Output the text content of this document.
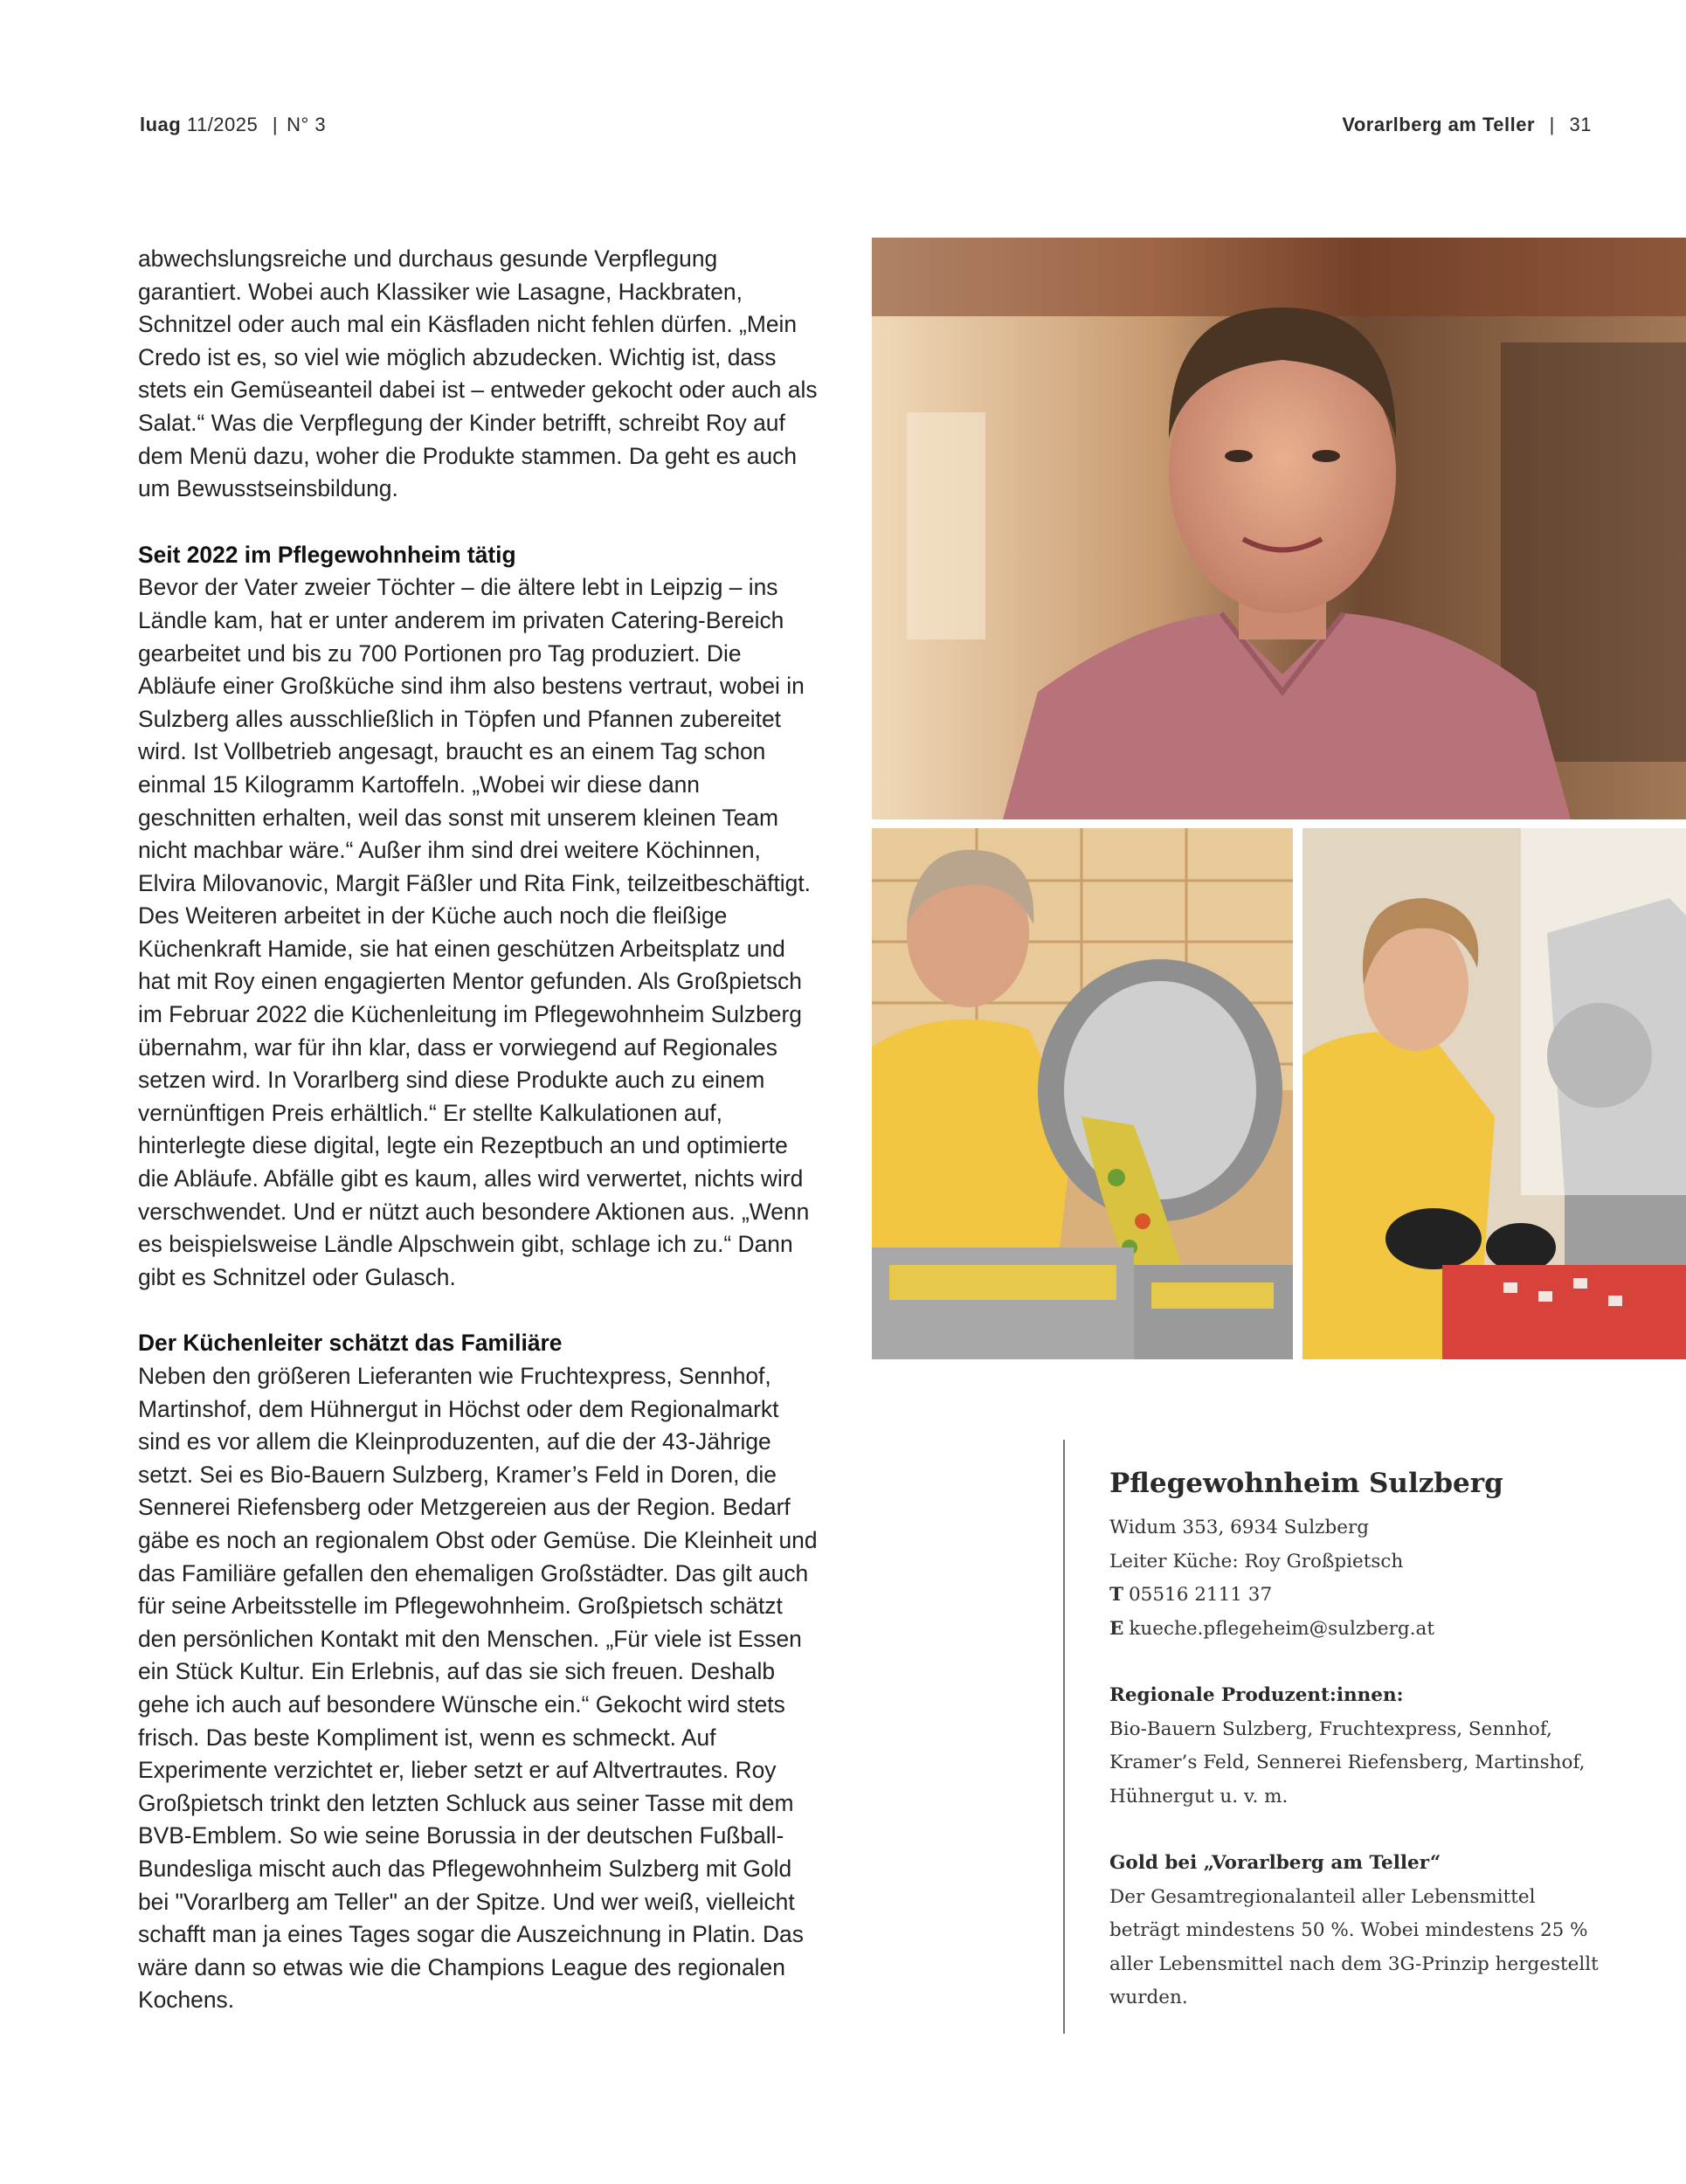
luag 11/2025 | N° 3	Vorarlberg am Teller | 31

abwechslungsreiche und durchaus gesunde Verpflegung garantiert. Wobei auch Klassiker wie Lasagne, Hackbraten, Schnitzel oder auch mal ein Käsfladen nicht fehlen dürfen. „Mein Credo ist es, so viel wie möglich abzudecken. Wichtig ist, dass stets ein Gemüseanteil dabei ist – entweder gekocht oder auch als Salat.“ Was die Verpflegung der Kinder betrifft, schreibt Roy auf dem Menü dazu, woher die Produkte stammen. Da geht es auch um Bewusstseinsbildung.

Seit 2022 im Pflegewohnheim tätig

Bevor der Vater zweier Töchter – die ältere lebt in Leipzig – ins Ländle kam, hat er unter anderem im privaten Catering-Bereich gearbeitet und bis zu 700 Portionen pro Tag produziert. Die Abläufe einer Großküche sind ihm also bestens vertraut, wobei in Sulzberg alles ausschließlich in Töpfen und Pfannen zubereitet wird. Ist Vollbetrieb angesagt, braucht es an einem Tag schon einmal 15 Kilogramm Kartoffeln. „Wobei wir diese dann geschnitten erhalten, weil das sonst mit unserem kleinen Team nicht machbar wäre.“ Außer ihm sind drei weitere Köchinnen, Elvira Milovanovic, Margit Fäßler und Rita Fink, teilzeitbeschäftigt. Des Weiteren arbeitet in der Küche auch noch die fleißige Küchenkraft Hamide, sie hat einen geschützen Arbeitsplatz und hat mit Roy einen engagierten Mentor gefunden. Als Großpietsch im Februar 2022 die Küchenleitung im Pflegewohnheim Sulzberg übernahm, war für ihn klar, dass er vorwiegend auf Regionales setzen wird. In Vorarlberg sind diese Produkte auch zu einem vernünftigen Preis erhältlich.“ Er stellte Kalkulationen auf, hinterlegte diese digital, legte ein Rezeptbuch an und optimierte die Abläufe. Abfälle gibt es kaum, alles wird verwertet, nichts wird verschwendet. Und er nützt auch besondere Aktionen aus. „Wenn es beispielsweise Ländle Alpschwein gibt, schlage ich zu.“ Dann gibt es Schnitzel oder Gulasch.

Der Küchenleiter schätzt das Familiäre

Neben den größeren Lieferanten wie Fruchtexpress, Sennhof, Martinshof, dem Hühnergut in Höchst oder dem Regionalmarkt sind es vor allem die Kleinproduzenten, auf die der 43-Jährige setzt. Sei es Bio-Bauern Sulzberg, Kramer’s Feld in Doren, die Sennerei Riefensberg oder Metzgereien aus der Region. Bedarf gäbe es noch an regionalem Obst oder Gemüse. Die Kleinheit und das Familiäre gefallen den ehemaligen Großstädter. Das gilt auch für seine Arbeitsstelle im Pflegewohnheim. Großpietsch schätzt den persönlichen Kontakt mit den Menschen. „Für viele ist Essen ein Stück Kultur. Ein Erlebnis, auf das sie sich freuen. Deshalb gehe ich auch auf besondere Wünsche ein.“ Gekocht wird stets frisch. Das beste Kompliment ist, wenn es schmeckt. Auf Experimente verzichtet er, lieber setzt er auf Altvertrautes. Roy Großpietsch trinkt den letzten Schluck aus seiner Tasse mit dem BVB-Emblem. So wie seine Borussia in der deutschen Fußball-Bundesliga mischt auch das Pflegewohnheim Sulzberg mit Gold bei "Vorarlberg am Teller" an der Spitze. Und wer weiß, vielleicht schafft man ja eines Tages sogar die Auszeichnung in Platin. Das wäre dann so etwas wie die Champions League des regionalen Kochens.

Pflegewohnheim Sulzberg

Widum 353, 6934 Sulzberg

Leiter Küche: Roy Großpietsch

T 05516 2111 37

E kueche.pflegeheim@sulzberg.at

Regionale Produzent:innen:

Bio-Bauern Sulzberg, Fruchtexpress, Sennhof, Kramer’s Feld, Sennerei Riefensberg, Martinshof, Hühnergut u. v. m.

Gold bei „Vorarlberg am Teller“

Der Gesamtregionalanteil aller Lebensmittel beträgt mindestens 50 %. Wobei mindestens 25 % aller Lebensmittel nach dem 3G-Prinzip hergestellt wurden.
